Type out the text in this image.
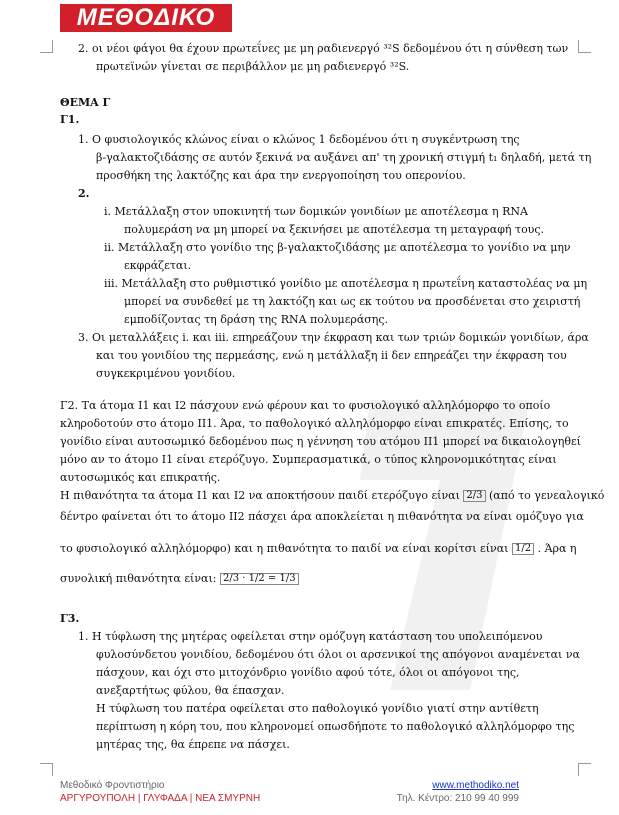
ΜΕΘΟΔΙΚΟ
2. οι νέοι φάγοι θα έχουν πρωτεΐνες με μη ραδιενεργό ³²S δεδομένου ότι η σύνθεση των
πρωτεϊνών γίνεται σε περιβάλλον με μη ραδιενεργό ³²S.
ΘΕΜΑ Γ
Γ1.
1. Ο φυσιολογικός κλώνος είναι ο κλώνος 1 δεδομένου ότι η συγκέντρωση της
β-γαλακτοζιδάσης σε αυτόν ξεκινά να αυξάνει απ' τη χρονική στιγμή t₁ δηλαδή, μετά τη
προσθήκη της λακτόζης και άρα την ενεργοποίηση του οπερονίου.
2.
i. Μετάλλαξη στον υποκινητή των δομικών γονιδίων με αποτέλεσμα η RNA
πολυμεράση να μη μπορεί να ξεκινήσει με αποτέλεσμα τη μεταγραφή τους.
ii. Μετάλλαξη στο γονίδιο της β-γαλακτοζιδάσης με αποτέλεσμα το γονίδιο να μην
εκφράζεται.
iii. Μετάλλαξη στο ρυθμιστικό γονίδιο με αποτέλεσμα η πρωτεΐνη καταστολέας να μη
μπορεί να συνδεθεί με τη λακτόζη και ως εκ τούτου να προσδένεται στο χειριστή
εμποδίζοντας τη δράση της RNA πολυμεράσης.
3. Οι μεταλλάξεις i. και iii. επηρεάζουν την έκφραση και των τριών δομικών γονιδίων, άρα
και του γονιδίου της περμεάσης, ενώ η μετάλλαξη ii δεν επηρεάζει την έκφραση του
συγκεκριμένου γονιδίου.
Γ2. Τα άτομα Ι1 και Ι2 πάσχουν ενώ φέρουν και το φυσιολογικό αλληλόμορφο το οποίο
κληροδοτούν στο άτομο ΙΙ1. Άρα, το παθολογικό αλληλόμορφο είναι επικρατές. Επίσης, το
γονίδιο είναι αυτοσωμικό δεδομένου πως η γέννηση του ατόμου ΙΙ1 μπορεί να δικαιολογηθεί
μόνο αν το άτομο Ι1 είναι ετερόζυγο. Συμπερασματικά, ο τύπος κληρονομικότητας είναι
αυτοσωμικός και επικρατής.
Η πιθανότητα τα άτομα Ι1 και Ι2 να αποκτήσουν παιδί ετερόζυγο είναι 2/3 (από το γενεαλογικό
δέντρο φαίνεται ότι το άτομο ΙΙ2 πάσχει άρα αποκλείεται η πιθανότητα να είναι ομόζυγο για
το φυσιολογικό αλληλόμορφο) και η πιθανότητα το παιδί να είναι κορίτσι είναι 1/2 . Άρα η
συνολική πιθανότητα είναι: 2/3 · 1/2 = 1/3
Γ3.
1. Η τύφλωση της μητέρας οφείλεται στην ομόζυγη κατάσταση του υπολειπόμενου
φυλοσύνδετου γονιδίου, δεδομένου ότι όλοι οι αρσενικοί της απόγονοι αναμένεται να
πάσχουν, και όχι στο μιτοχόνδριο γονίδιο αφού τότε, όλοι οι απόγονοι της,
ανεξαρτήτως φύλου, θα έπασχαν.
Η τύφλωση του πατέρα οφείλεται στο παθολογικό γονίδιο γιατί στην αντίθετη
περίπτωση η κόρη του, που κληρονομεί οπωσδήποτε το παθολογικό αλληλόμορφο της
μητέρας της, θα έπρεπε να πάσχει.
Μεθοδικό Φροντιστήριο
ΑΡΓΥΡΟΥΠΟΛΗ | ΓΛΥΦΑΔΑ | ΝΕΑ ΣΜΥΡΝΗ
www.methodiko.net
Τηλ. Κέντρο: 210 99 40 999
